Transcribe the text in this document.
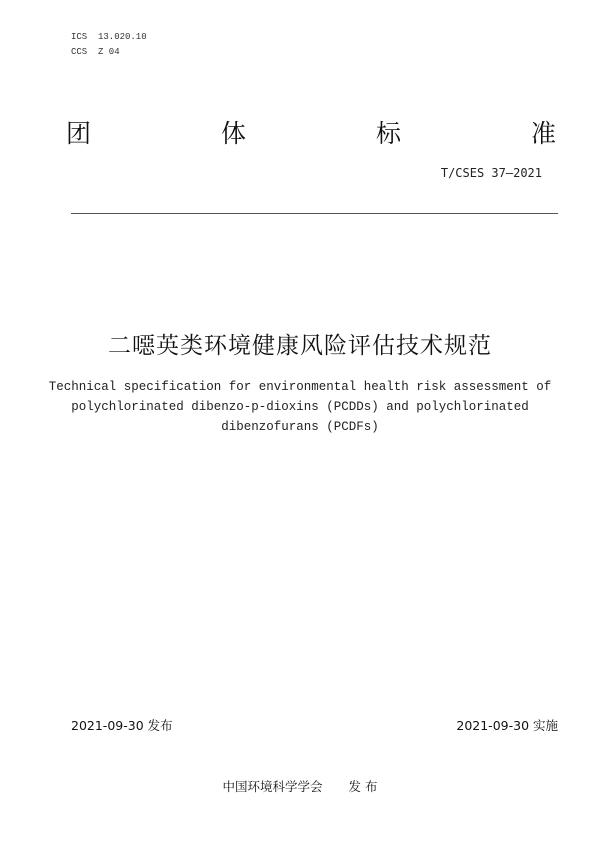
ICS  13.020.10
CCS  Z 04
团	体	标	准
T/CSES 37—2021
二噁英类环境健康风险评估技术规范
Technical specification for environmental health risk assessment of
polychlorinated dibenzo-p-dioxins (PCDDs) and polychlorinated
dibenzofurans (PCDFs)
2021-09-30 发布	2021-09-30 实施
中国环境科学学会 发 布
